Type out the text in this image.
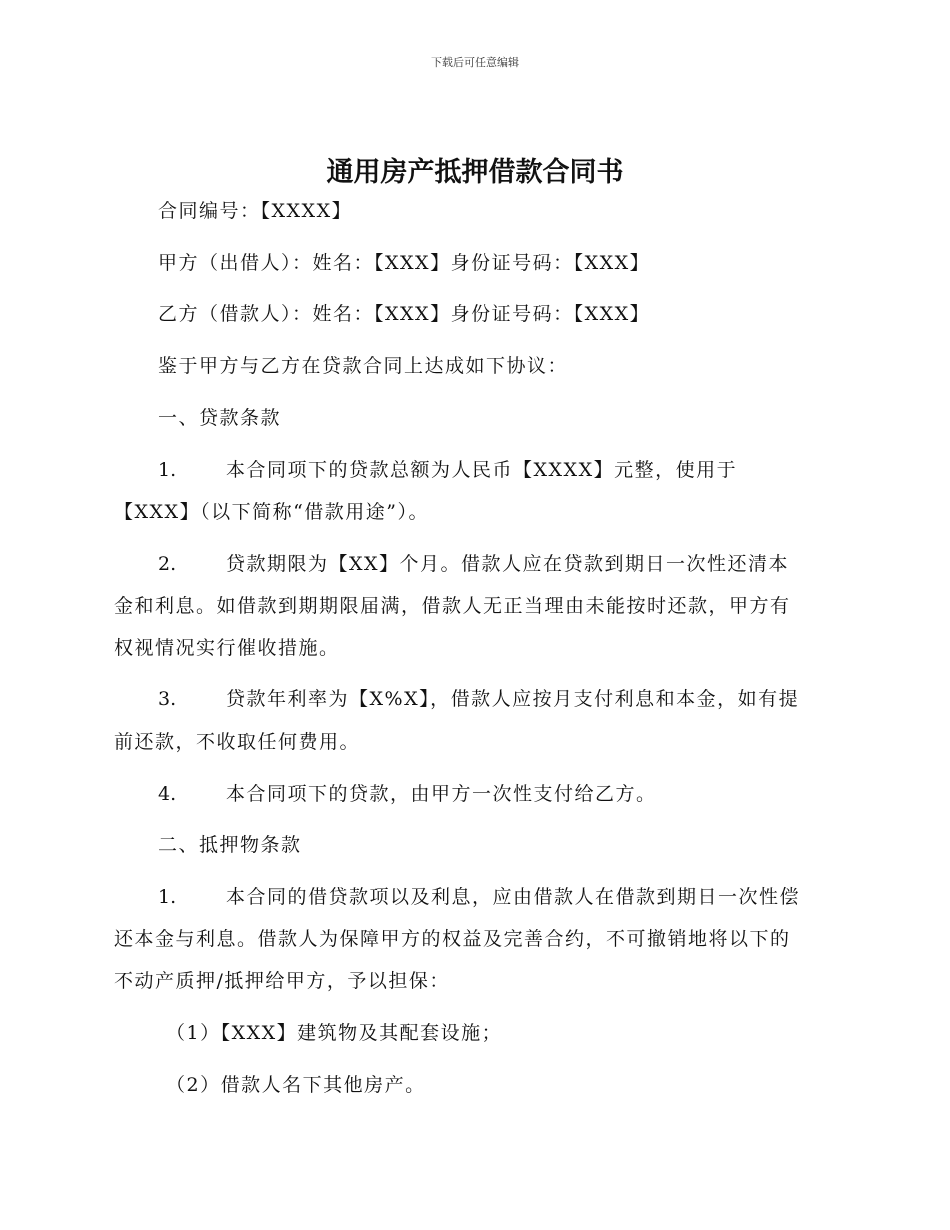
下载后可任意编辑
通用房产抵押借款合同书
合同编号：【XXXX】
甲方（出借人）：姓名：【XXX】身份证号码：【XXX】
乙方（借款人）：姓名：【XXX】身份证号码：【XXX】
鉴于甲方与乙方在贷款合同上达成如下协议：
一、贷款条款
1.	本合同项下的贷款总额为人民币【XXXX】元整，使用于
【XXX】（以下简称“借款用途”）。
2.	贷款期限为【XX】个月。借款人应在贷款到期日一次性还清本
金和利息。如借款到期期限届满，借款人无正当理由未能按时还款，甲方有
权视情况实行催收措施。
3.	贷款年利率为【X%X】，借款人应按月支付利息和本金，如有提
前还款，不收取任何费用。
4.	本合同项下的贷款，由甲方一次性支付给乙方。
二、抵押物条款
1.	本合同的借贷款项以及利息，应由借款人在借款到期日一次性偿
还本金与利息。借款人为保障甲方的权益及完善合约，不可撤销地将以下的
不动产质押/抵押给甲方，予以担保：
（1）【XXX】建筑物及其配套设施；
（2）借款人名下其他房产。
